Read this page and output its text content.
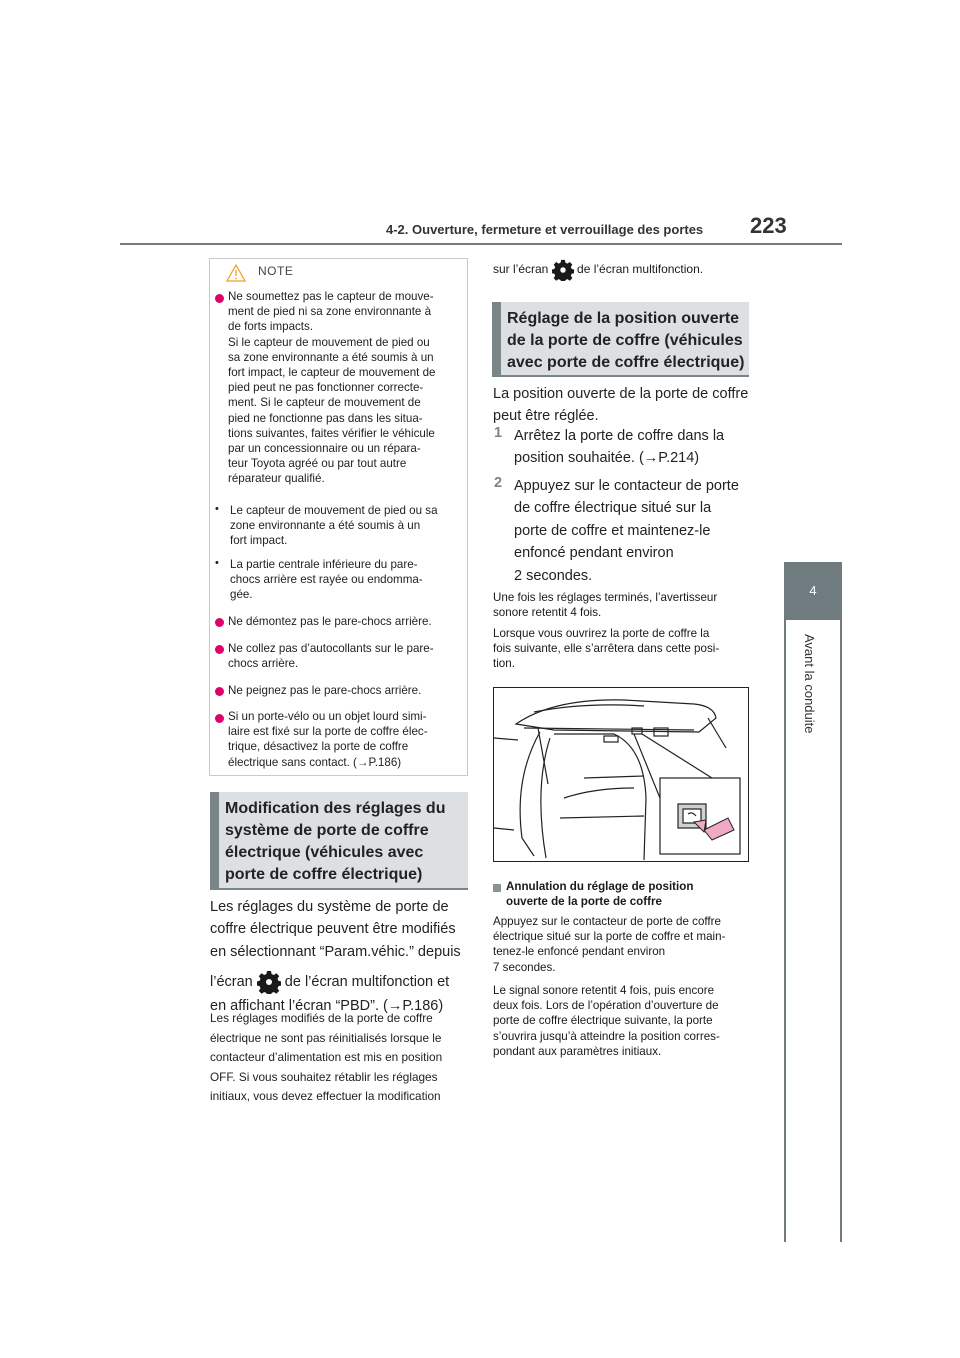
4-2. Ouverture, fermeture et verrouillage des portes 223
4
Avant la conduite
NOTE
Ne soumettez pas le capteur de mouve-
ment de pied ni sa zone environnante à
de forts impacts.
Si le capteur de mouvement de pied ou
sa zone environnante a été soumis à un
fort impact, le capteur de mouvement de
pied peut ne pas fonctionner correcte-
ment. Si le capteur de mouvement de
pied ne fonctionne pas dans les situa-
tions suivantes, faites vérifier le véhicule
par un concessionnaire ou un répara-
teur Toyota agréé ou par tout autre
réparateur qualifié.
• Le capteur de mouvement de pied ou sa
zone environnante a été soumis à un
fort impact.
• La partie centrale inférieure du pare-
chocs arrière est rayée ou endomma-
gée.
Ne démontez pas le pare-chocs arrière.
Ne collez pas d’autocollants sur le pare-
chocs arrière.
Ne peignez pas le pare-chocs arrière.
Si un porte-vélo ou un objet lourd simi-
laire est fixé sur la porte de coffre élec-
trique, désactivez la porte de coffre
électrique sans contact. (→P.186)
Modification des réglages du
système de porte de coffre
électrique (véhicules avec
porte de coffre électrique)
Les réglages du système de porte de
coffre électrique peuvent être modifiés
en sélectionnant “Param.véhic.” depuis
l’écran de l’écran multifonction et
en affichant l’écran “PBD”. (→P.186)
Les réglages modifiés de la porte de coffre
électrique ne sont pas réinitialisés lorsque le
contacteur d’alimentation est mis en position
OFF. Si vous souhaitez rétablir les réglages
initiaux, vous devez effectuer la modification
sur l’écran de l’écran multifonction.
Réglage de la position ouverte
de la porte de coffre (véhicules
avec porte de coffre électrique)
La position ouverte de la porte de coffre
peut être réglée.
1 Arrêtez la porte de coffre dans la
position souhaitée. (→P.214)
2 Appuyez sur le contacteur de porte
de coffre électrique situé sur la
porte de coffre et maintenez-le
enfoncé pendant environ
2 secondes.
Une fois les réglages terminés, l’avertisseur
sonore retentit 4 fois.
Lorsque vous ouvrirez la porte de coffre la
fois suivante, elle s’arrêtera dans cette posi-
tion.
Annulation du réglage de position
ouverte de la porte de coffre
Appuyez sur le contacteur de porte de coffre
électrique situé sur la porte de coffre et main-
tenez-le enfoncé pendant environ
7 secondes.
Le signal sonore retentit 4 fois, puis encore
deux fois. Lors de l’opération d’ouverture de
porte de coffre électrique suivante, la porte
s’ouvrira jusqu’à atteindre la position corres-
pondant aux paramètres initiaux.
